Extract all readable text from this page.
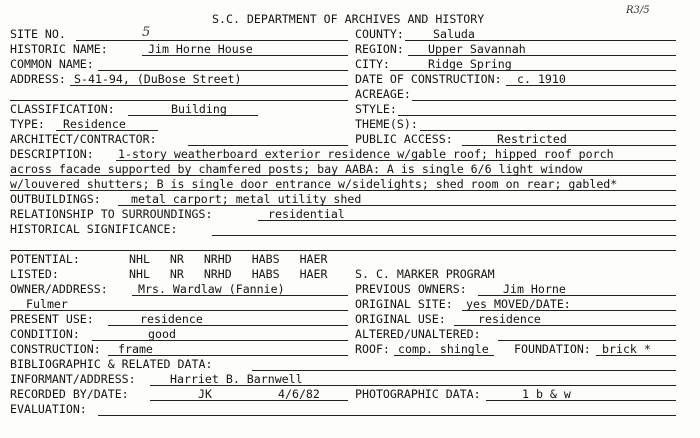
S.C. DEPARTMENT OF ARCHIVES AND HISTORY
R3/5
SITE NO.	5	COUNTY:	Saluda
HISTORIC NAME:	Jim Horne House	REGION: Upper Savannah
COMMON NAME:	CITY:	Ridge Spring
ADDRESS: S-41-94, (DuBose Street)	DATE OF CONSTRUCTION: c. 1910
ACREAGE:
CLASSIFICATION:	Building	STYLE:
TYPE: Residence	THEME(S):
ARCHITECT/CONTRACTOR:	PUBLIC ACCESS:	Restricted
DESCRIPTION: 1-story weatherboard exterior residence w/gable roof; hipped roof porch
across facade supported by chamfered posts; bay AABA: A is single 6/6 light window
w/louvered shutters; B is single door entrance w/sidelights; shed room on rear; gabled*
OUTBUILDINGS:	metal carport; metal utility shed
RELATIONSHIP TO SURROUNDINGS:	residential
HISTORICAL SIGNIFICANCE:
POTENTIAL:	NHL  NR  NRHD  HABS  HAER
LISTED:	NHL  NR  NRHD  HABS  HAER S. C. MARKER PROGRAM
OWNER/ADDRESS:	Mrs. Wardlaw (Fannie)	PREVIOUS OWNERS:	Jim Horne
Fulmer	ORIGINAL SITE: yes MOVED/DATE:
PRESENT USE:	residence	ORIGINAL USE:	residence
CONDITION:	good	ALTERED/UNALTERED:
CONSTRUCTION: frame	ROOF: comp. shingle FOUNDATION: brick *
BIBLIOGRAPHIC & RELATED DATA:
INFORMANT/ADDRESS:	Harriet B. Barnwell
RECORDED BY/DATE:	JK	4/6/82	PHOTOGRAPHIC DATA:	1 b & w
EVALUATION:
